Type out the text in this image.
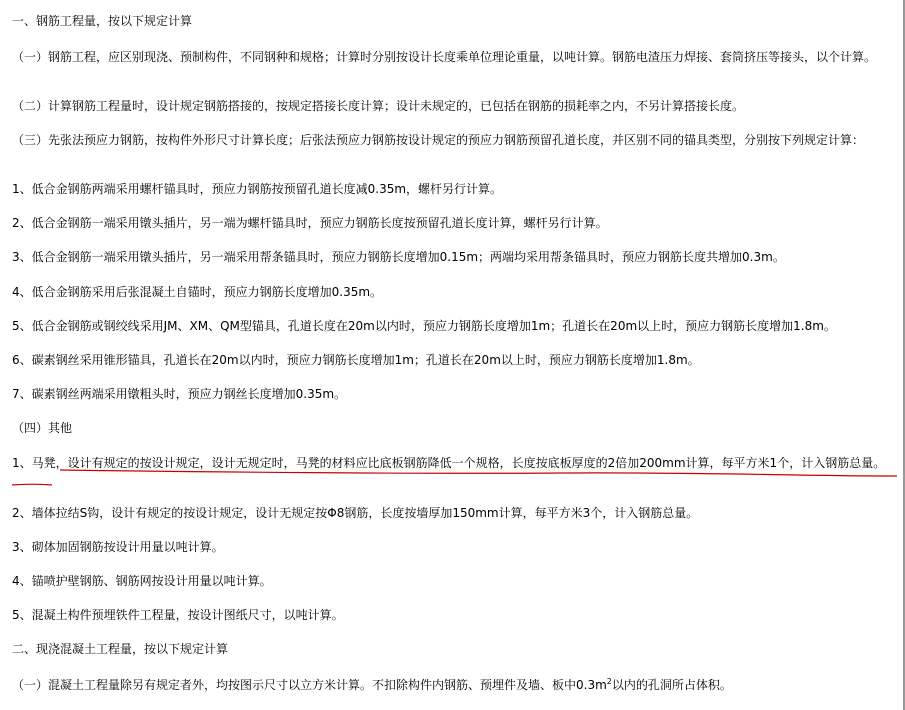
一、钢筋工程量，按以下规定计算
（一）钢筋工程，应区别现浇、预制构件，不同钢种和规格；计算时分别按设计长度乘单位理论重量，以吨计算。钢筋电渣压力焊接、套筒挤压等接头，以个计算。
（二）计算钢筋工程量时，设计规定钢筋搭接的，按规定搭接长度计算；设计未规定的，已包括在钢筋的损耗率之内，不另计算搭接长度。
（三）先张法预应力钢筋，按构件外形尺寸计算长度；后张法预应力钢筋按设计规定的预应力钢筋预留孔道长度，并区别不同的锚具类型，分别按下列规定计算：
1、低合金钢筋两端采用螺杆锚具时，预应力钢筋按预留孔道长度减0.35m，螺杆另行计算。
2、低合金钢筋一端采用镦头插片，另一端为螺杆锚具时，预应力钢筋长度按预留孔道长度计算，螺杆另行计算。
3、低合金钢筋一端采用镦头插片，另一端采用帮条锚具时，预应力钢筋长度增加0.15m；两端均采用帮条锚具时，预应力钢筋长度共增加0.3m。
4、低合金钢筋采用后张混凝土自锚时，预应力钢筋长度增加0.35m。
5、低合金钢筋或钢绞线采用JM、XM、QM型锚具，孔道长度在20m以内时，预应力钢筋长度增加1m；孔道长在20m以上时，预应力钢筋长度增加1.8m。
6、碳素钢丝采用锥形锚具，孔道长在20m以内时，预应力钢筋长度增加1m；孔道长在20m以上时，预应力钢筋长度增加1.8m。
7、碳素钢丝两端采用镦粗头时，预应力钢丝长度增加0.35m。
（四）其他
1、马凳，设计有规定的按设计规定，设计无规定时，马凳的材料应比底板钢筋降低一个规格，长度按底板厚度的2倍加200mm计算，每平方米1个，计入钢筋总量。
2、墙体拉结S钩，设计有规定的按设计规定，设计无规定按Φ8钢筋，长度按墙厚加150mm计算，每平方米3个，计入钢筋总量。
3、砌体加固钢筋按设计用量以吨计算。
4、锚喷护壁钢筋、钢筋网按设计用量以吨计算。
5、混凝土构件预埋铁件工程量，按设计图纸尺寸，以吨计算。
二、现浇混凝土工程量，按以下规定计算
（一）混凝土工程量除另有规定者外，均按图示尺寸以立方米计算。不扣除构件内钢筋、预埋件及墙、板中$0.3m^2$以内的孔洞所占体积。
